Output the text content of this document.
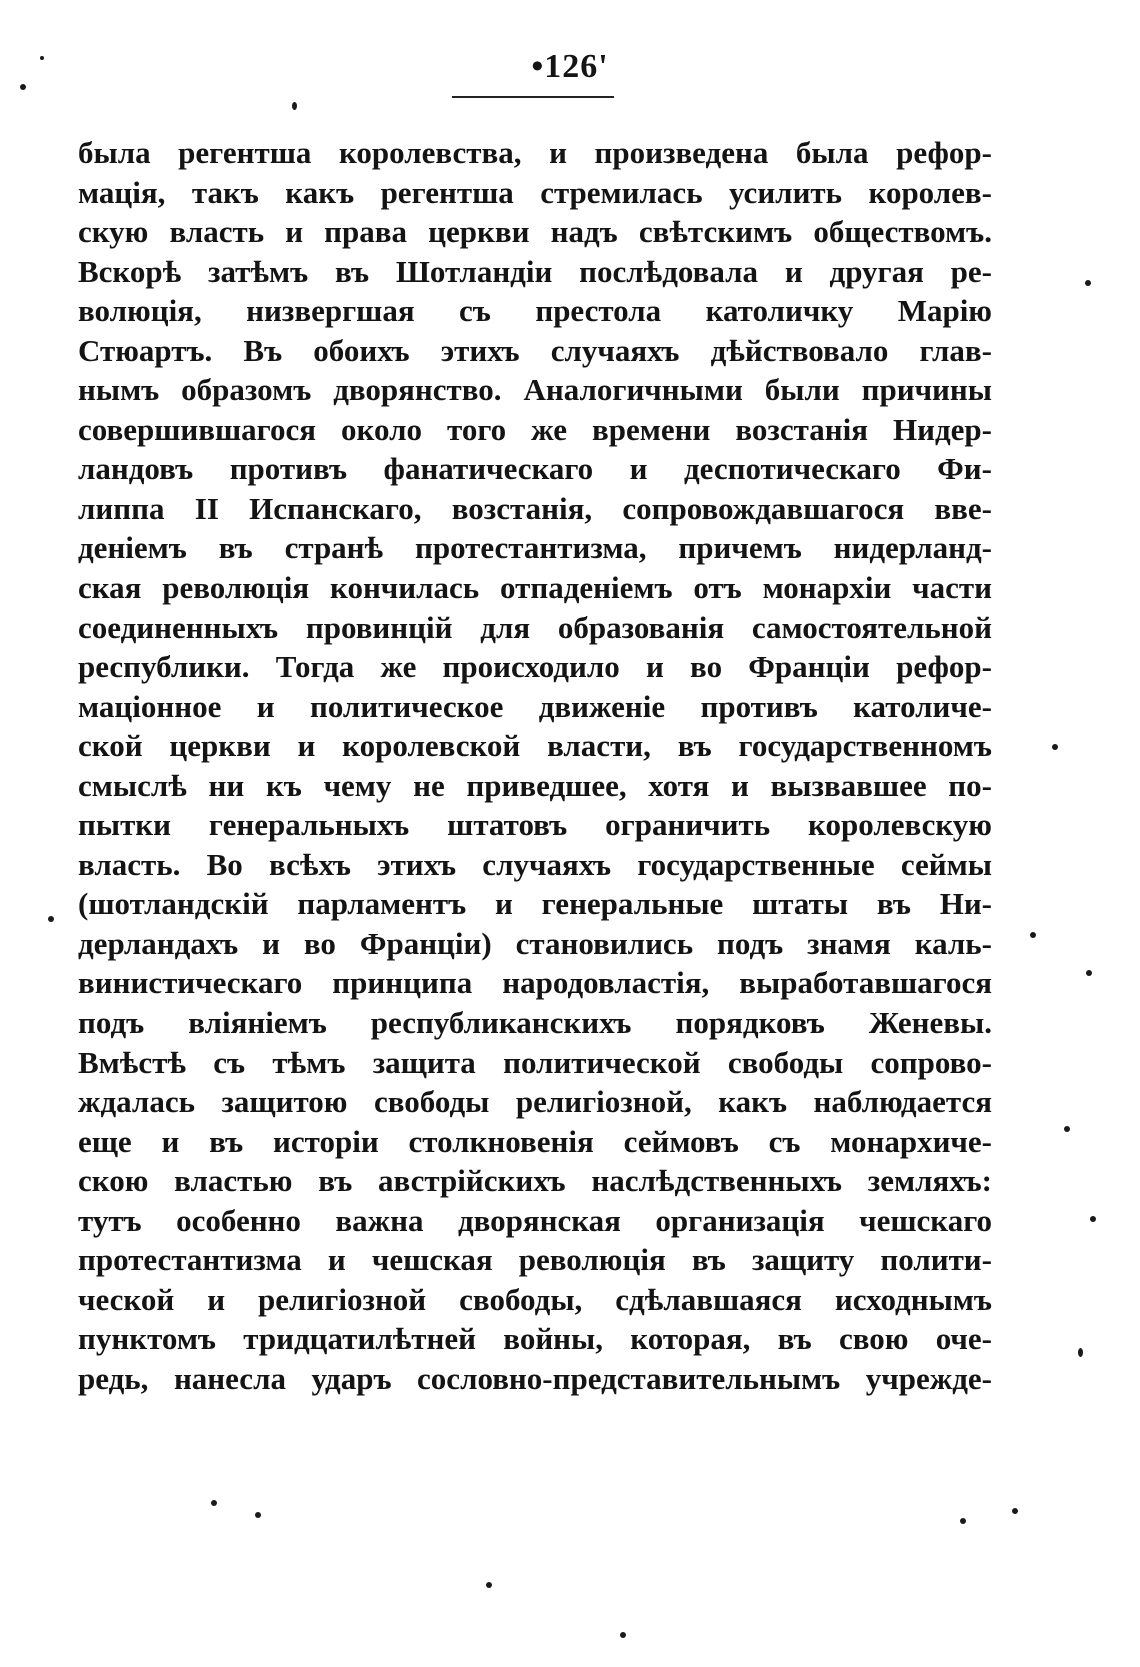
•126'
была регентша королевства, и произведена была рефор-
мація, такъ какъ регентша стремилась усилить королев-
скую власть и права церкви надъ свѣтскимъ обществомъ.
Вскорѣ затѣмъ въ Шотландіи послѣдовала и другая ре-
волюція, низвергшая съ престола католичку Марію
Стюартъ. Въ обоихъ этихъ случаяхъ дѣйствовало глав-
нымъ образомъ дворянство. Аналогичными были причины
совершившагося около того же времени возстанія Нидер-
ландовъ противъ фанатическаго и деспотическаго Фи-
липпа II Испанскаго, возстанія, сопровождавшагося вве-
деніемъ въ странѣ протестантизма, причемъ нидерланд-
ская революція кончилась отпаденіемъ отъ монархіи части
соединенныхъ провинцій для образованія самостоятельной
республики. Тогда же происходило и во Франціи рефор-
маціонное и политическое движеніе противъ католиче-
ской церкви и королевской власти, въ государственномъ
смыслѣ ни къ чему не приведшее, хотя и вызвавшее по-
пытки генеральныхъ штатовъ ограничить королевскую
власть. Во всѣхъ этихъ случаяхъ государственные сеймы
(шотландскій парламентъ и генеральные штаты въ Ни-
дерландахъ и во Франціи) становились подъ знамя каль-
винистическаго принципа народовластія, выработавшагося
подъ вліяніемъ республиканскихъ порядковъ Женевы.
Вмѣстѣ съ тѣмъ защита политической свободы сопрово-
ждалась защитою свободы религіозной, какъ наблюдается
еще и въ исторіи столкновенія сеймовъ съ монархиче-
скою властью въ австрійскихъ наслѣдственныхъ земляхъ:
тутъ особенно важна дворянская организація чешскаго
протестантизма и чешская революція въ защиту полити-
ческой и религіозной свободы, сдѣлавшаяся исходнымъ
пунктомъ тридцатилѣтней войны, которая, въ свою оче-
редь, нанесла ударъ сословно-представительнымъ учрежде-
